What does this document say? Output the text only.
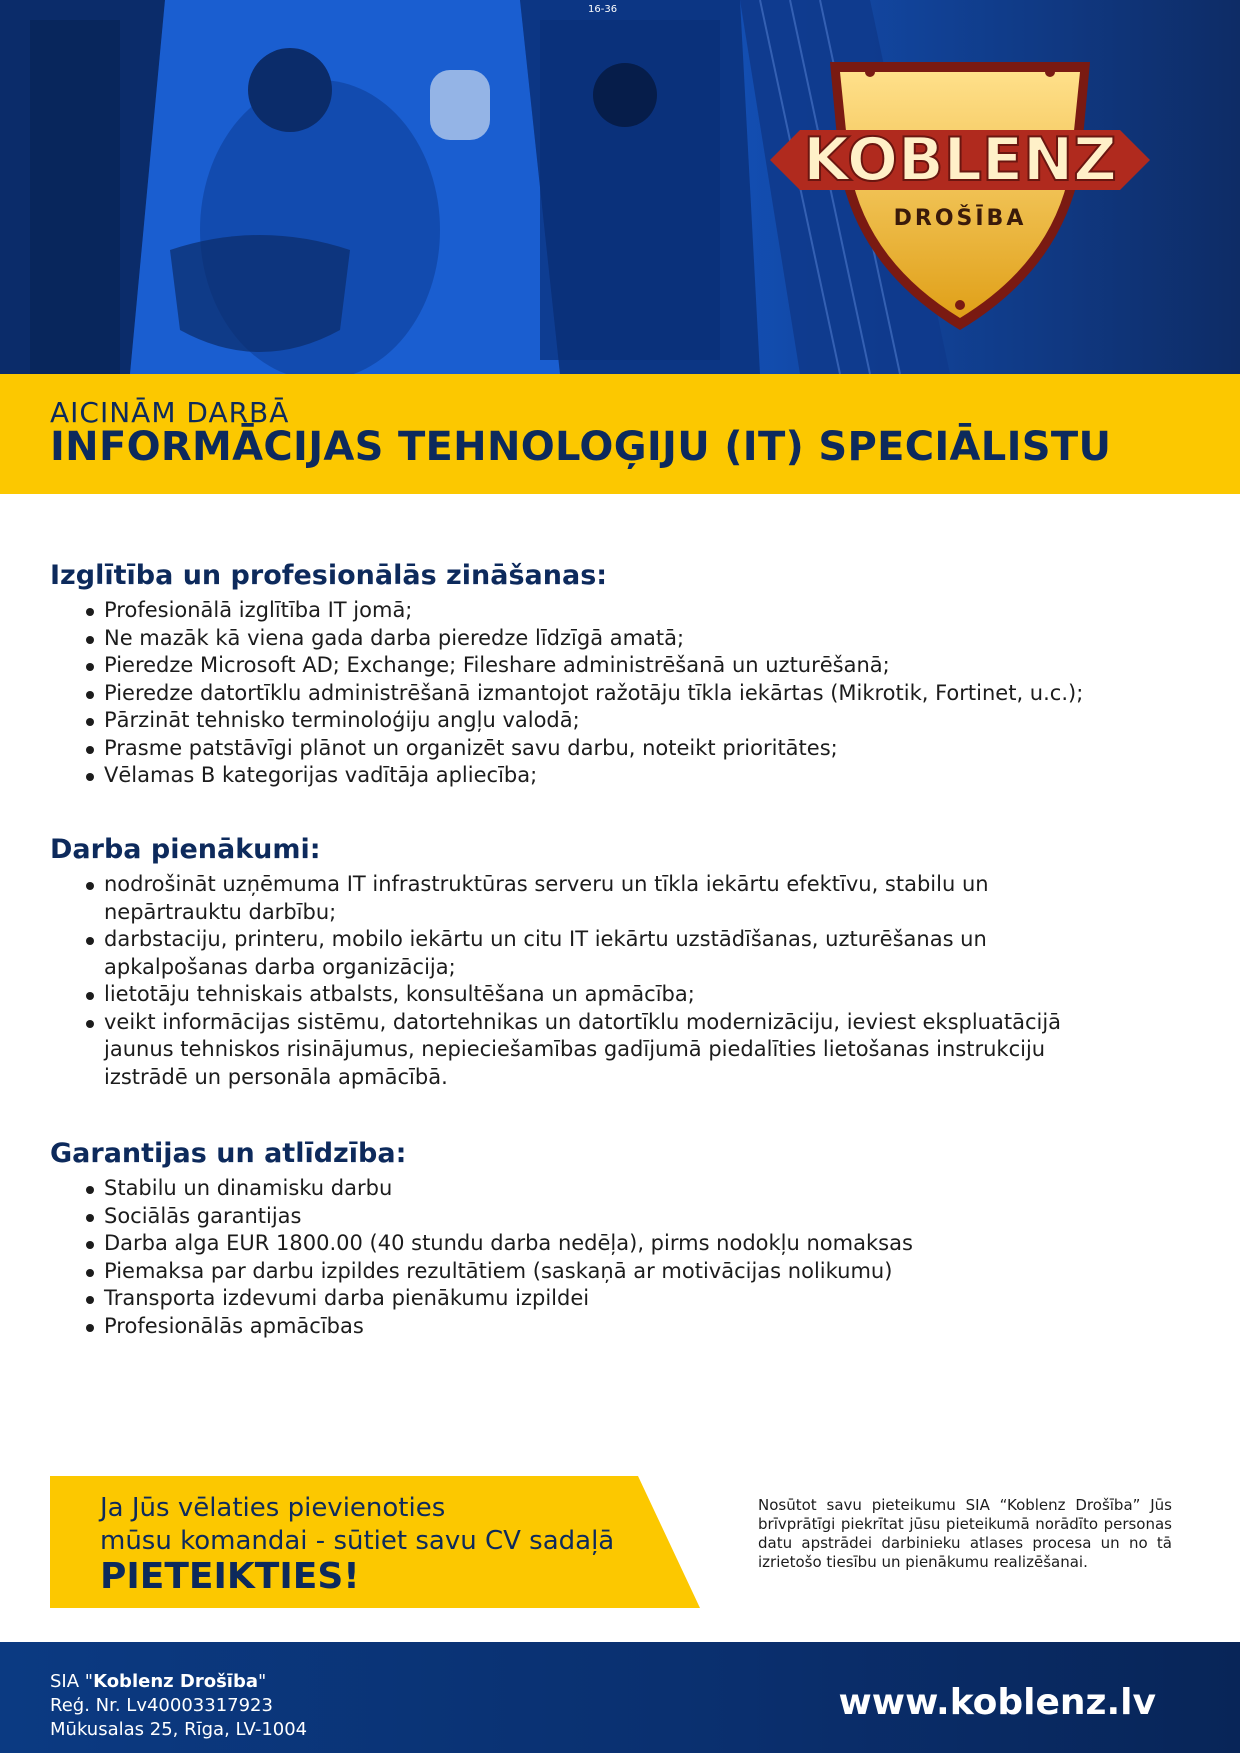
16-36
KOBLENZ
DROŠĪBA
AICINĀM DARBĀ
INFORMĀCIJAS TEHNOLOĢIJU (IT) SPECIĀLISTU
Izglītība un profesionālās zināšanas:
Profesionālā izglītība IT jomā;
Ne mazāk kā viena gada darba pieredze līdzīgā amatā;
Pieredze Microsoft AD; Exchange; Fileshare administrēšanā un uzturēšanā;
Pieredze datortīklu administrēšanā izmantojot ražotāju tīkla iekārtas (Mikrotik, Fortinet, u.c.);
Pārzināt tehnisko terminoloģiju angļu valodā;
Prasme patstāvīgi plānot un organizēt savu darbu, noteikt prioritātes;
Vēlamas B kategorijas vadītāja apliecība;
Darba pienākumi:
nodrošināt uzņēmuma IT infrastruktūras serveru un tīkla iekārtu efektīvu, stabilu un nepārtrauktu darbību;
darbstaciju, printeru, mobilo iekārtu un citu IT iekārtu uzstādīšanas, uzturēšanas un apkalpošanas darba organizācija;
lietotāju tehniskais atbalsts, konsultēšana un apmācība;
veikt informācijas sistēmu, datortehnikas un datortīklu modernizāciju, ieviest ekspluatācijā jaunus tehniskos risinājumus, nepieciešamības gadījumā piedalīties lietošanas instrukciju izstrādē un personāla apmācībā.
Garantijas un atlīdzība:
Stabilu un dinamisku darbu
Sociālās garantijas
Darba alga EUR 1800.00 (40 stundu darba nedēļa), pirms nodokļu nomaksas
Piemaksa par darbu izpildes rezultātiem (saskaņā ar motivācijas nolikumu)
Transporta izdevumi darba pienākumu izpildei
Profesionālās apmācības
Ja Jūs vēlaties pievienoties
mūsu komandai - sūtiet savu CV sadaļā
PIETEIKTIES!
Nosūtot savu pieteikumu SIA “Koblenz Drošība” Jūs brīvprātīgi piekrītat jūsu pieteikumā norādīto personas datu apstrādei darbinieku atlases procesa un no tā izrietošo tiesību un pienākumu realizēšanai.
SIA "Koblenz Drošība"
Reģ. Nr. Lv40003317923
Mūkusalas 25, Rīga, LV-1004
www.koblenz.lv
